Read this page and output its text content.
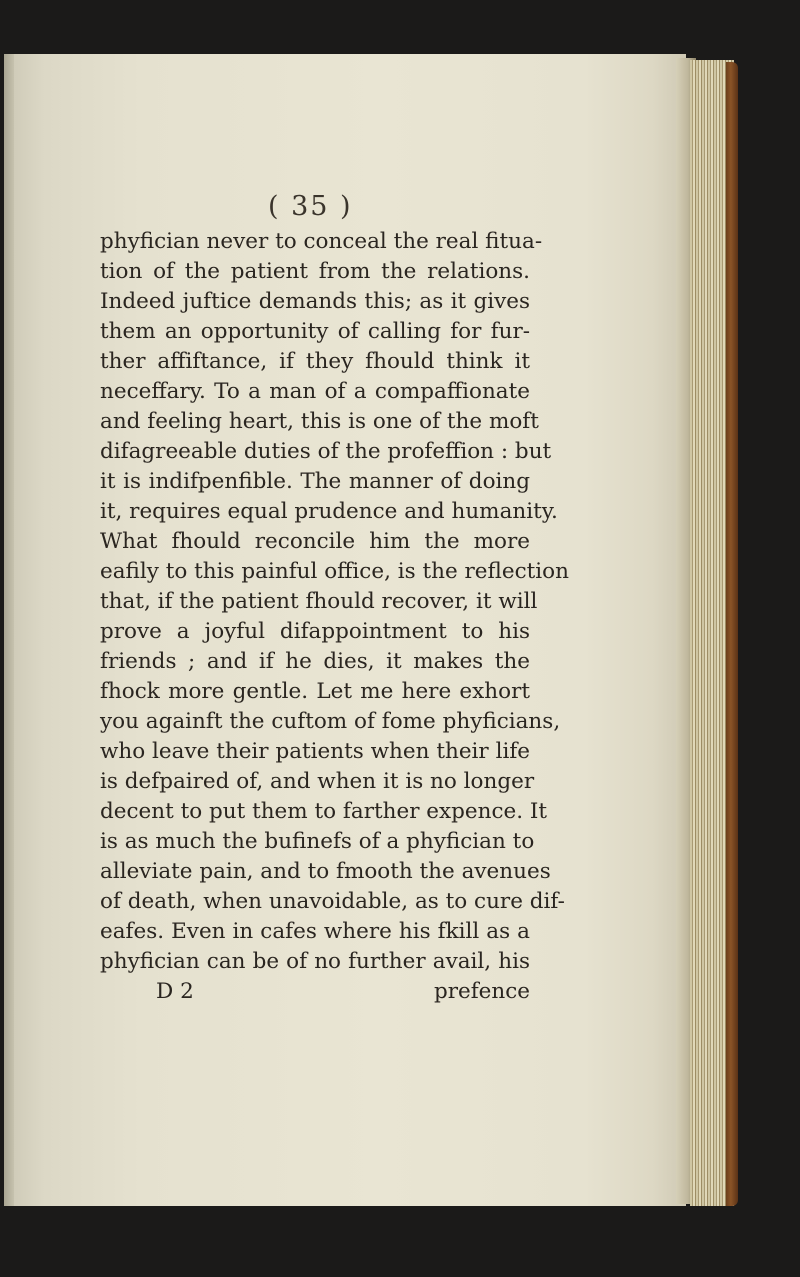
( 35 )

phyfician never to conceal the real fitua-
tion of the patient from the relations.
Indeed juftice demands this; as it gives
them an opportunity of calling for fur-
ther affiftance, if they fhould think it
neceffary. To a man of a compaffionate
and feeling heart, this is one of the moft
difagreeable duties of the profeffion : but
it is indifpenfible. The manner of doing
it, requires equal prudence and humanity.
What fhould reconcile him the more
eafily to this painful office, is the reflection
that, if the patient fhould recover, it will
prove a joyful difappointment to his
friends ; and if he dies, it makes the
fhock more gentle. Let me here exhort
you againft the cuftom of fome phyficians,
who leave their patients when their life
is defpaired of, and when it is no longer
decent to put them to farther expence. It
is as much the bufinefs of a phyfician to
alleviate pain, and to fmooth the avenues
of death, when unavoidable, as to cure dif-
eafes. Even in cafes where his fkill as a
phyfician can be of no further avail, his
D 2	prefence
